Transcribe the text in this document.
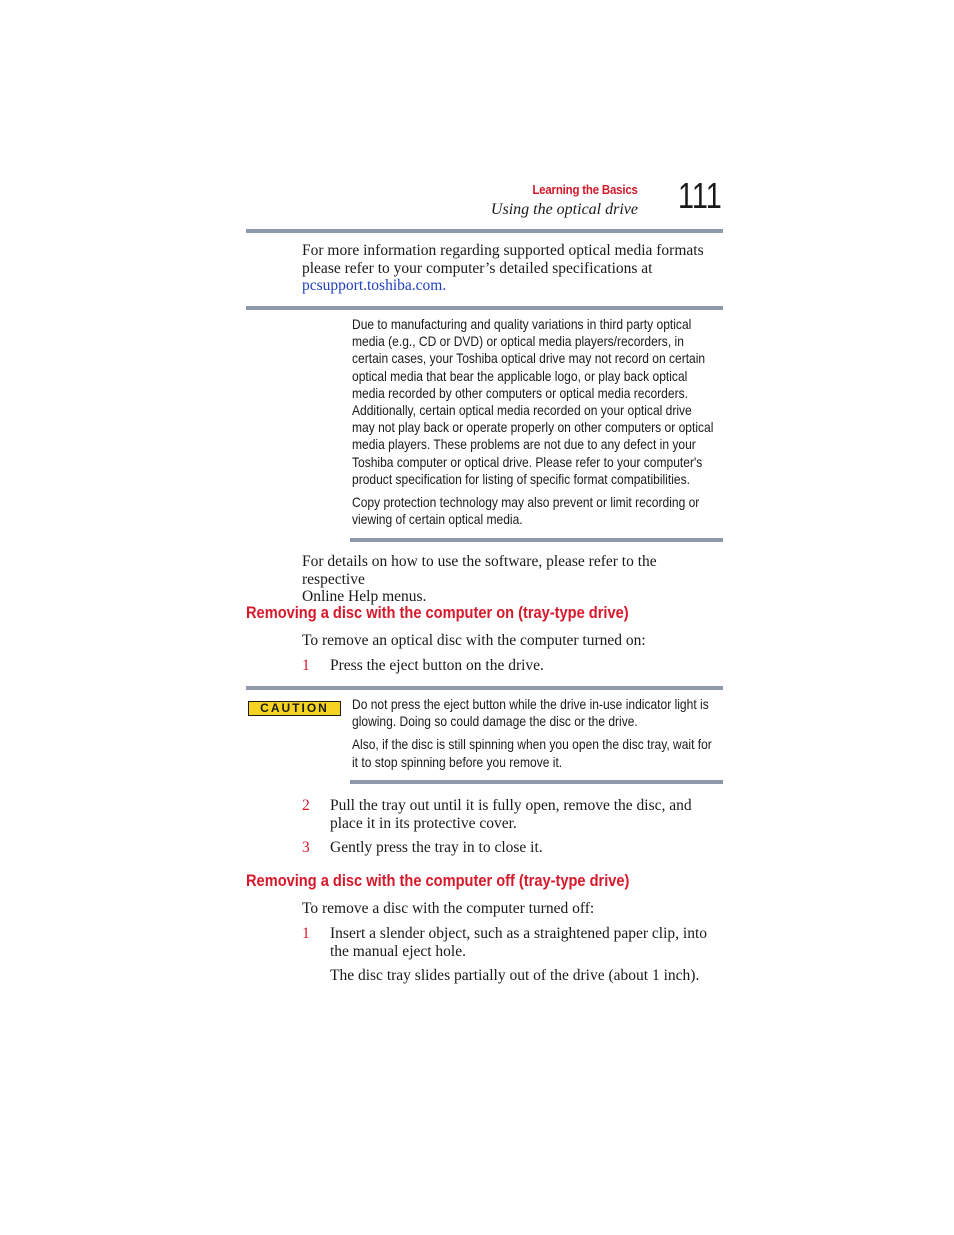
Learning the Basics
Using the optical drive 111
For more information regarding supported optical media formats
please refer to your computer’s detailed specifications at
pcsupport.toshiba.com.
Due to manufacturing and quality variations in third party optical
media (e.g., CD or DVD) or optical media players/recorders, in
certain cases, your Toshiba optical drive may not record on certain
optical media that bear the applicable logo, or play back optical
media recorded by other computers or optical media recorders.
Additionally, certain optical media recorded on your optical drive
may not play back or operate properly on other computers or optical
media players. These problems are not due to any defect in your
Toshiba computer or optical drive. Please refer to your computer's
product specification for listing of specific format compatibilities.
Copy protection technology may also prevent or limit recording or
viewing of certain optical media.
For details on how to use the software, please refer to the respective
Online Help menus.
Removing a disc with the computer on (tray-type drive)
To remove an optical disc with the computer turned on:
1 Press the eject button on the drive.
CAUTION	Do not press the eject button while the drive in-use indicator light is
glowing. Doing so could damage the disc or the drive.
Also, if the disc is still spinning when you open the disc tray, wait for
it to stop spinning before you remove it.
2 Pull the tray out until it is fully open, remove the disc, and
place it in its protective cover.
3 Gently press the tray in to close it.
Removing a disc with the computer off (tray-type drive)
To remove a disc with the computer turned off:
1 Insert a slender object, such as a straightened paper clip, into
the manual eject hole.
The disc tray slides partially out of the drive (about 1 inch).
